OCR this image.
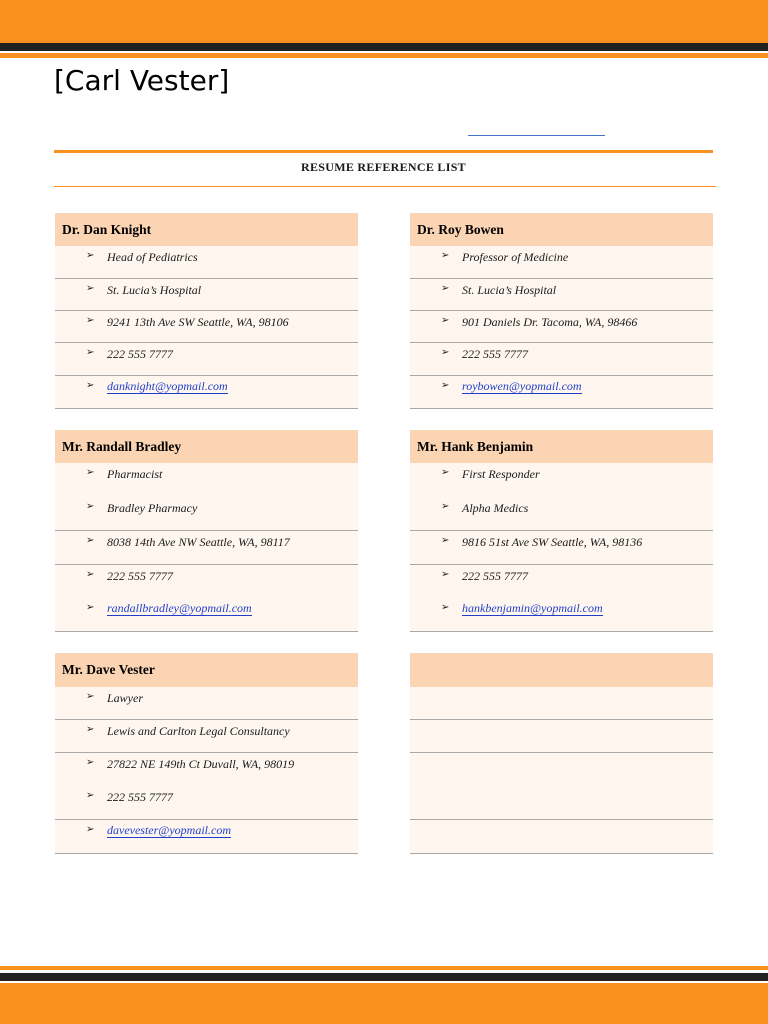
[Carl Vester]
RESUME REFERENCE LIST
Dr. Dan Knight
➢ Head of Pediatrics
➢ St. Lucia’s Hospital
➢ 9241 13th Ave SW Seattle, WA, 98106
➢ 222 555 7777
➢ danknight@yopmail.com
Dr. Roy Bowen
➢ Professor of Medicine
➢ St. Lucia’s Hospital
➢ 901 Daniels Dr. Tacoma, WA, 98466
➢ 222 555 7777
➢ roybowen@yopmail.com
Mr. Randall Bradley
➢ Pharmacist
➢ Bradley Pharmacy
➢ 8038 14th Ave NW Seattle, WA, 98117
➢ 222 555 7777
➢ randallbradley@yopmail.com
Mr. Hank Benjamin
➢ First Responder
➢ Alpha Medics
➢ 9816 51st Ave SW Seattle, WA, 98136
➢ 222 555 7777
➢ hankbenjamin@yopmail.com
Mr. Dave Vester
➢ Lawyer
➢ Lewis and Carlton Legal Consultancy
➢ 27822 NE 149th Ct Duvall, WA, 98019
➢ 222 555 7777
➢ davevester@yopmail.com
